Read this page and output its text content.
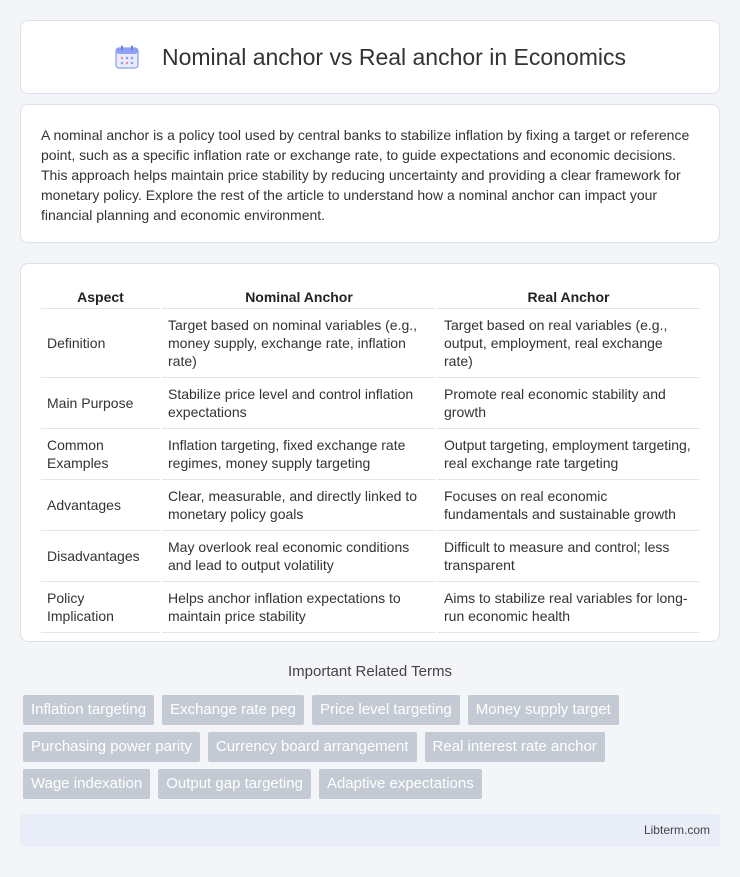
Nominal anchor vs Real anchor in Economics

A nominal anchor is a policy tool used by central banks to stabilize inflation by fixing a target or reference point, such as a specific inflation rate or exchange rate, to guide expectations and economic decisions. This approach helps maintain price stability by reducing uncertainty and providing a clear framework for monetary policy. Explore the rest of the article to understand how a nominal anchor can impact your financial planning and economic environment.

Aspect	Nominal Anchor	Real Anchor
Definition	Target based on nominal variables (e.g., money supply, exchange rate, inflation rate)	Target based on real variables (e.g., output, employment, real exchange rate)
Main Purpose	Stabilize price level and control inflation expectations	Promote real economic stability and growth
Common Examples	Inflation targeting, fixed exchange rate regimes, money supply targeting	Output targeting, employment targeting, real exchange rate targeting
Advantages	Clear, measurable, and directly linked to monetary policy goals	Focuses on real economic fundamentals and sustainable growth
Disadvantages	May overlook real economic conditions and lead to output volatility	Difficult to measure and control; less transparent
Policy Implication	Helps anchor inflation expectations to maintain price stability	Aims to stabilize real variables for long-run economic health
Important Related Terms
Inflation targeting	Exchange rate peg	Price level targeting	Money supply target
Purchasing power parity	Currency board arrangement	Real interest rate anchor
Wage indexation	Output gap targeting	Adaptive expectations
Libterm.com
